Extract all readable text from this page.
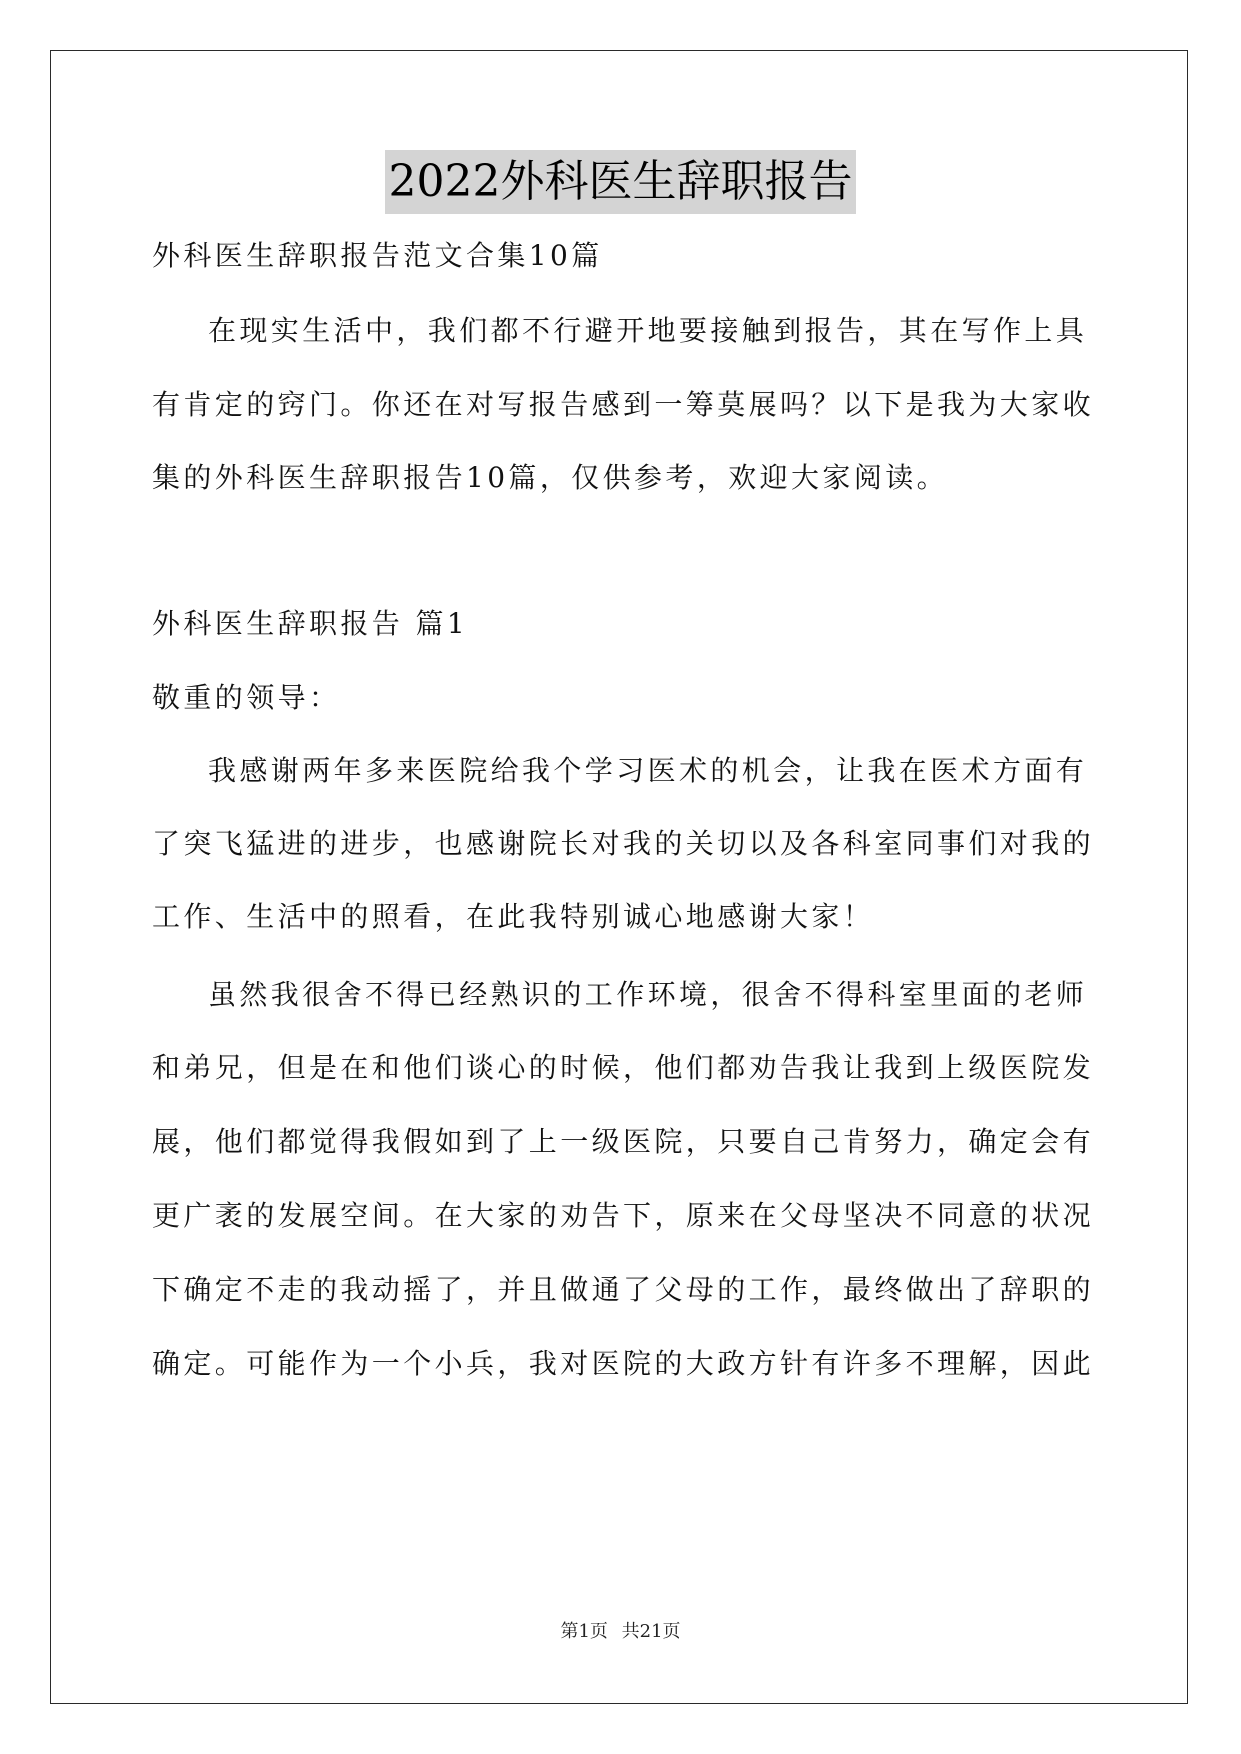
2022外科医生辞职报告
外科医生辞职报告范文合集10篇
在现实生活中，我们都不行避开地要接触到报告，其在写作上具
有肯定的窍门。你还在对写报告感到一筹莫展吗？以下是我为大家收
集的外科医生辞职报告10篇，仅供参考，欢迎大家阅读。
外科医生辞职报告 篇1
敬重的领导：
我感谢两年多来医院给我个学习医术的机会，让我在医术方面有
了突飞猛进的进步，也感谢院长对我的关切以及各科室同事们对我的
工作、生活中的照看，在此我特别诚心地感谢大家！
虽然我很舍不得已经熟识的工作环境，很舍不得科室里面的老师
和弟兄，但是在和他们谈心的时候，他们都劝告我让我到上级医院发
展，他们都觉得我假如到了上一级医院，只要自己肯努力，确定会有
更广袤的发展空间。在大家的劝告下，原来在父母坚决不同意的状况
下确定不走的我动摇了，并且做通了父母的工作，最终做出了辞职的
确定。可能作为一个小兵，我对医院的大政方针有许多不理解，因此
第1页 共21页
